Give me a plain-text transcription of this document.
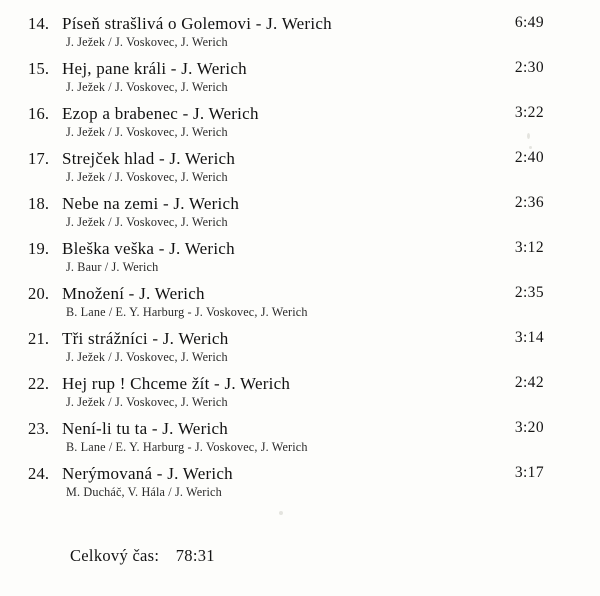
14. Píseň strašlivá o Golemovi - J. Werich
J. Ježek / J. Voskovec, J. Werich
6:49
15. Hej, pane králi - J. Werich
J. Ježek / J. Voskovec, J. Werich
2:30
16. Ezop a brabenec - J. Werich
J. Ježek / J. Voskovec, J. Werich
3:22
17. Strejček hlad - J. Werich
J. Ježek / J. Voskovec, J. Werich
2:40
18. Nebe na zemi - J. Werich
J. Ježek / J. Voskovec, J. Werich
2:36
19. Bleška veška - J. Werich
J. Baur / J. Werich
3:12
20. Množení - J. Werich
B. Lane / E. Y. Harburg - J. Voskovec, J. Werich
2:35
21. Tři strážníci - J. Werich
J. Ježek / J. Voskovec, J. Werich
3:14
22. Hej rup ! Chceme žít - J. Werich
J. Ježek / J. Voskovec, J. Werich
2:42
23. Není-li tu ta - J. Werich
B. Lane / E. Y. Harburg - J. Voskovec, J. Werich
3:20
24. Nerýmovaná - J. Werich
M. Ducháč, V. Hála / J. Werich
3:17
Celkový čas: 78:31
